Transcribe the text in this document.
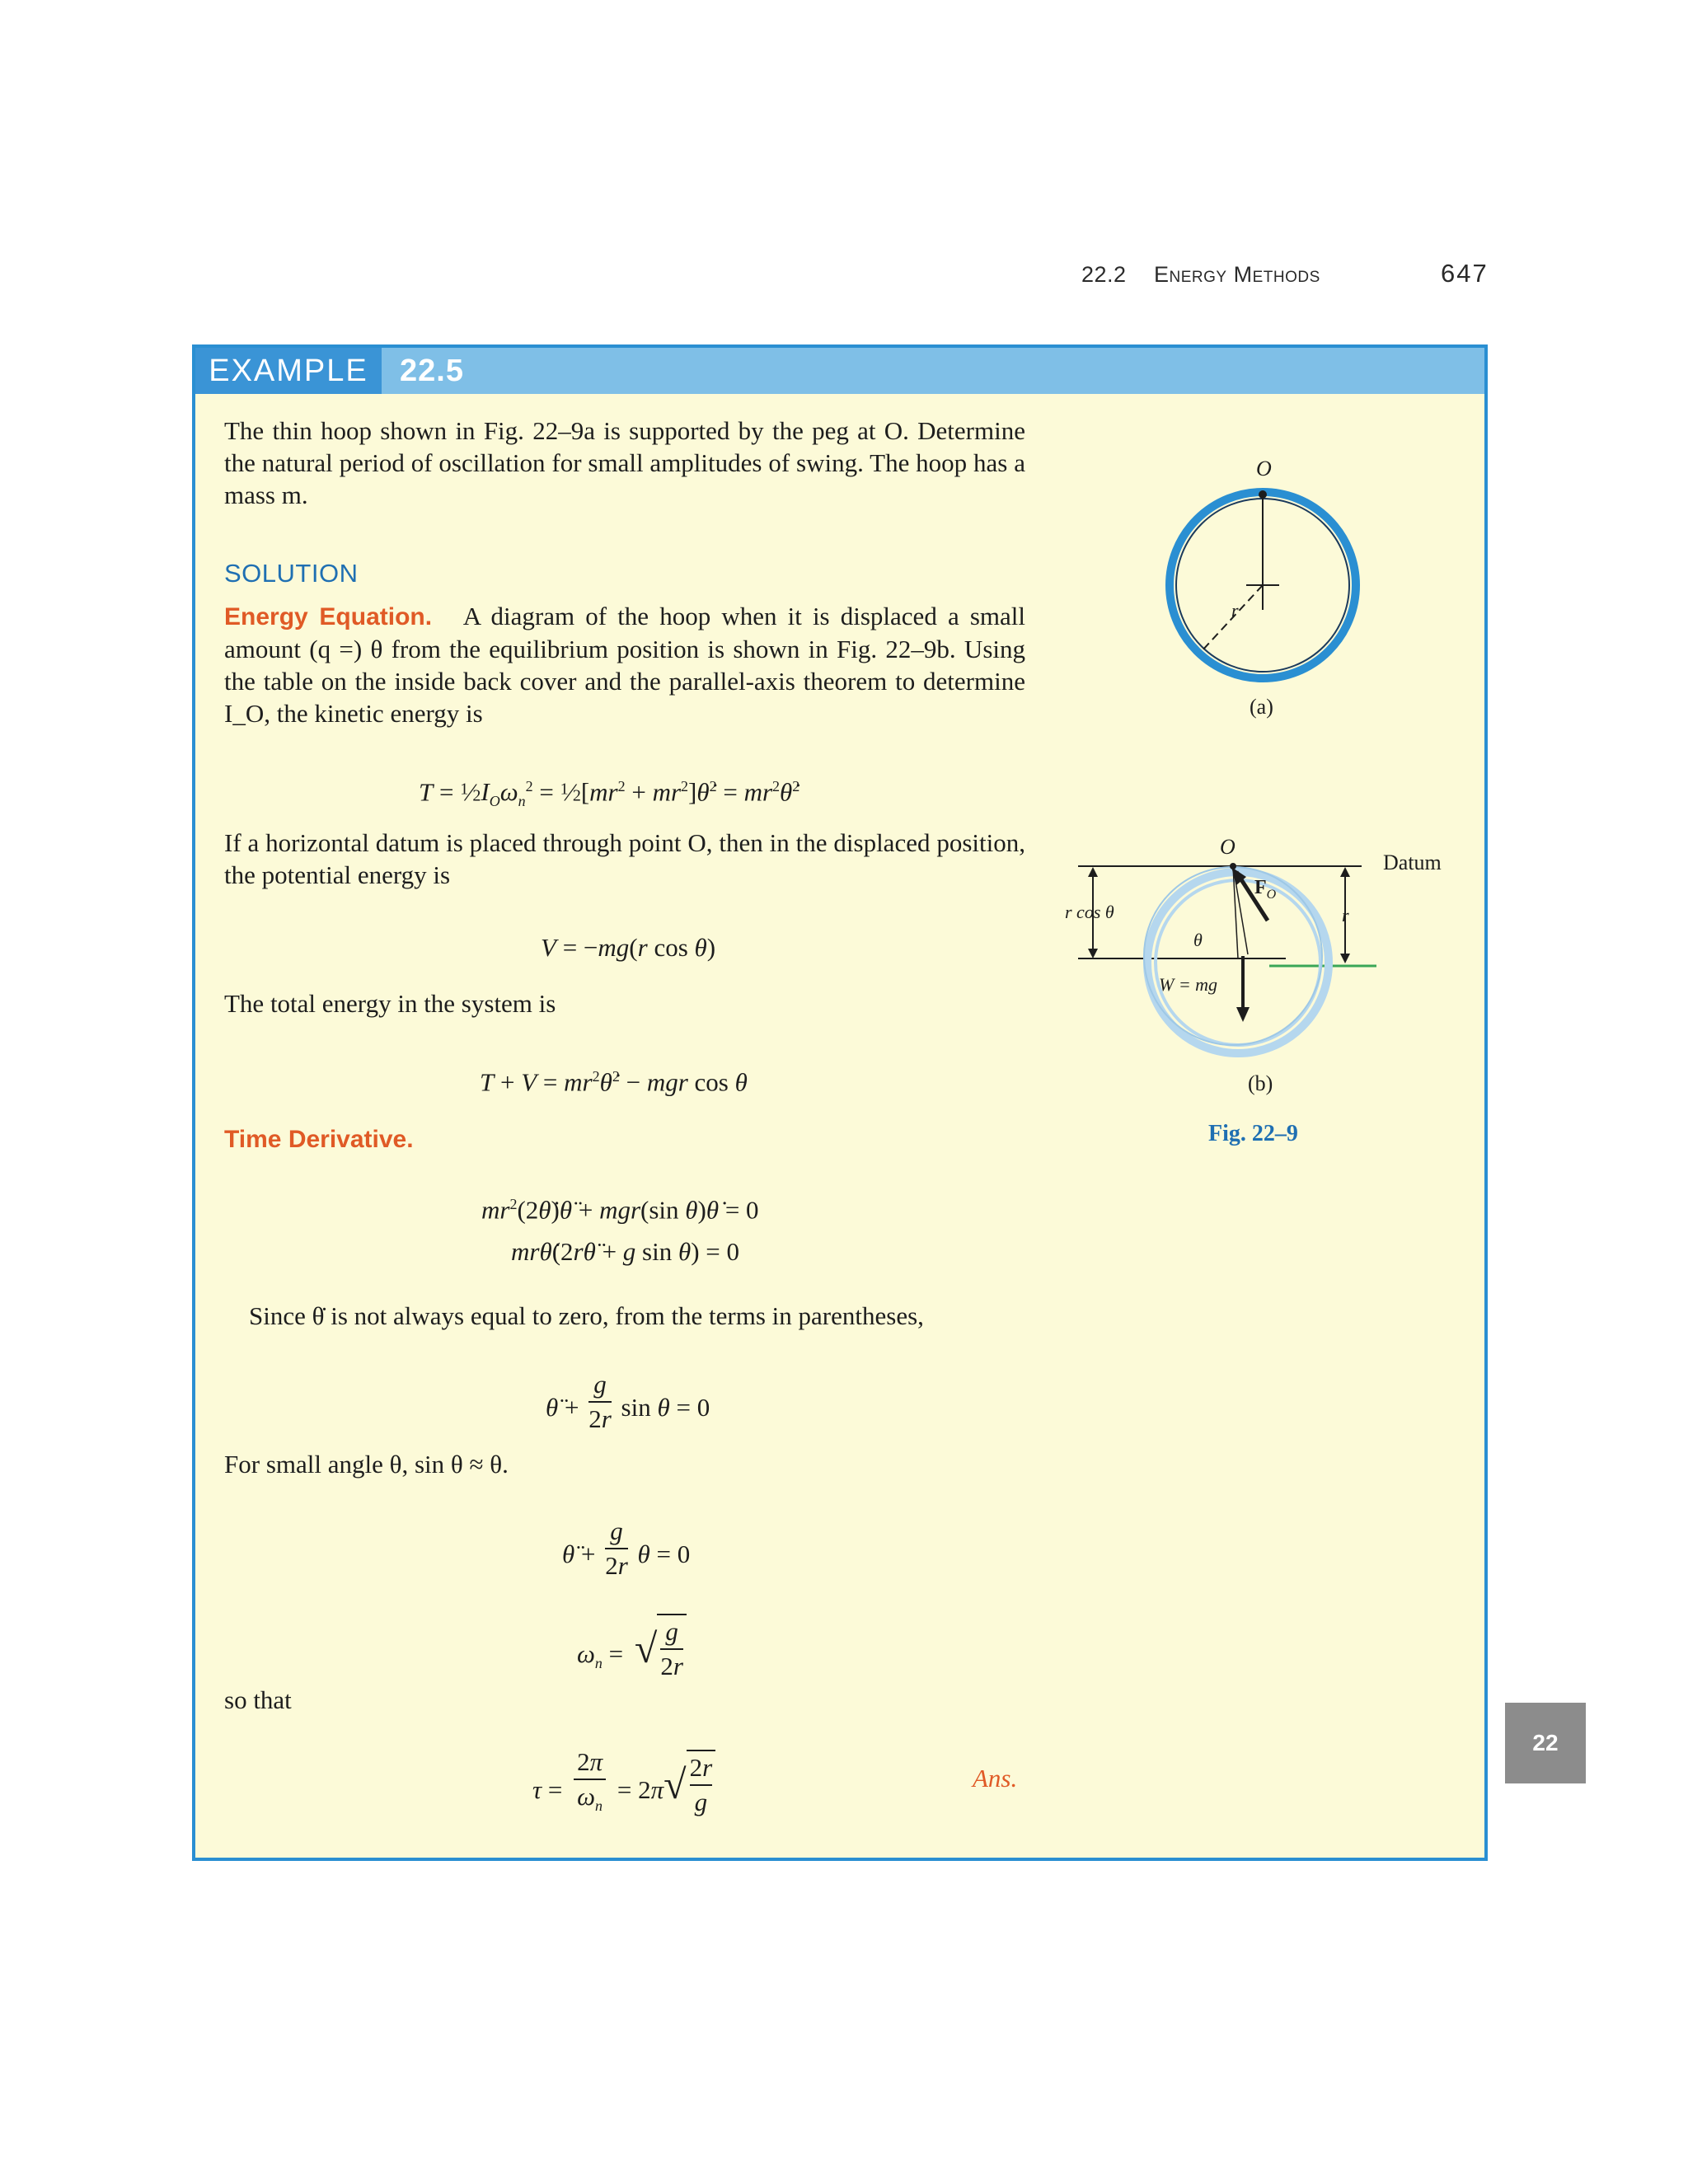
22.2 Energy Methods	647
EXAMPLE	22.5
The thin hoop shown in Fig. 22–9a is supported by the peg at O. Determine the natural period of oscillation for small amplitudes of swing. The hoop has a mass m.
SOLUTION
Energy Equation. A diagram of the hoop when it is displaced a small amount (q =) θ from the equilibrium position is shown in Fig. 22–9b. Using the table on the inside back cover and the parallel-axis theorem to determine I_O, the kinetic energy is
$T = ^1⁄2I_O\omega_n^2$ = $^1⁄2[mr^2$ + $mr^2]\thetȧ^2$ = $mr^2\thetȧ^2$
If a horizontal datum is placed through point O, then in the displaced position, the potential energy is
V = −mg(r cos θ)
The total energy in the system is
$T + V = mr^2\thetȧ^2$ − mgr cos θ
Time Derivative.
$mr^2(2\thetȧ)\thetä + mgr(\sin$ θ)θ̇ = 0
mrθ̇(2rθ̈ + g sin θ) = 0
Since θ̇ is not always equal to zero, from the terms in parentheses,
θ̈ + $\frac{g}{2r}$ sin θ = 0
For small angle θ, sin θ ≈ θ.
θ̈ + $\frac{g}{2r}$ θ = 0
$\omega_n$ = √ $\frac{g}{2r}$
so that
$\tau = \frac{2\pi}{\omega_n} = 2\pi√ \frac{2r}{g}$	Ans.
O
r
(a)
O
Datum
r cos θ	r
θ
$F_O$
W = mg
(b)
Fig. 22–9
22
